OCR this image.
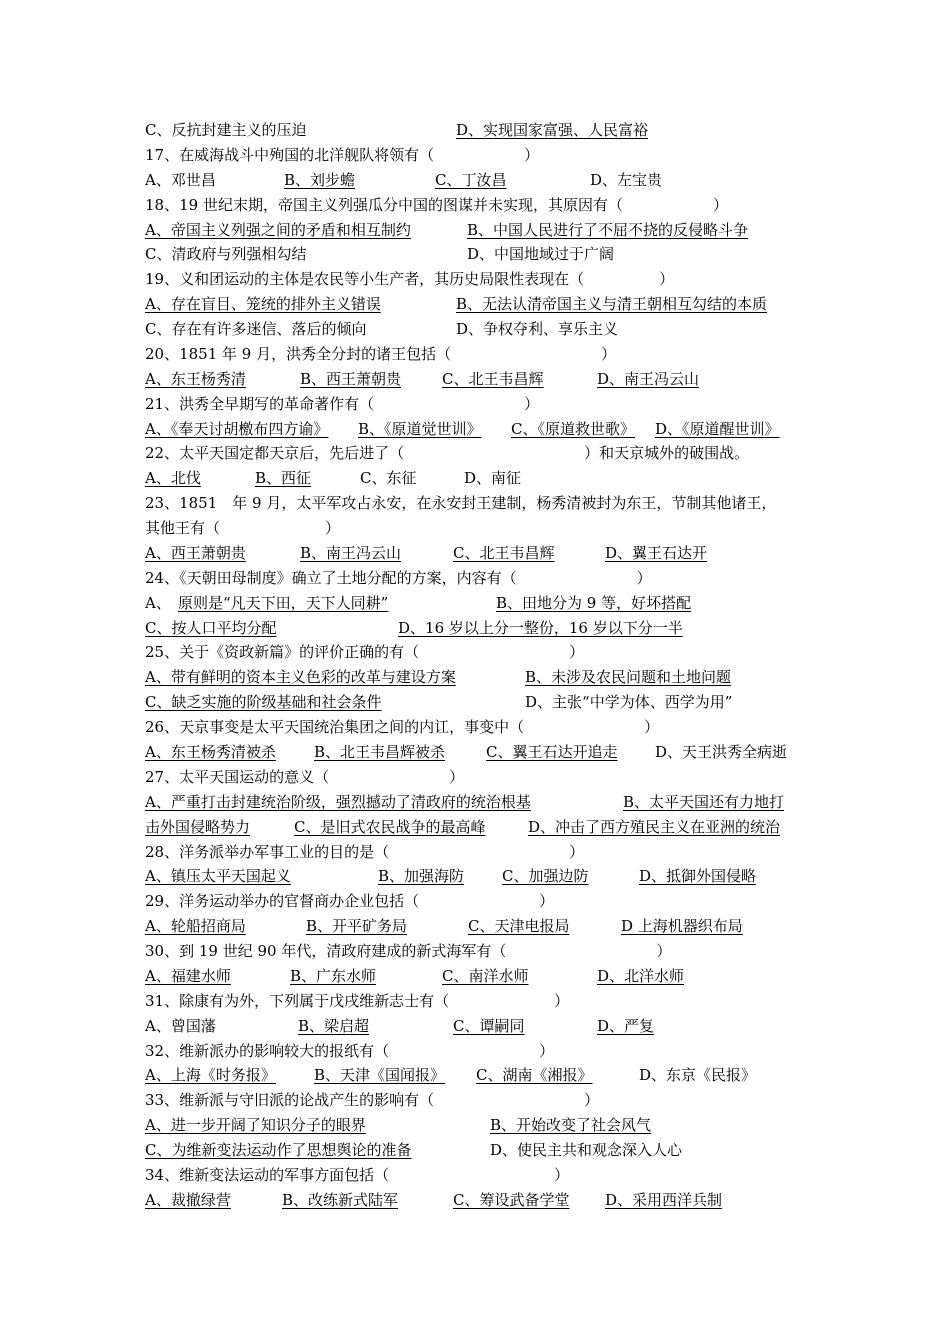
C、反抗封建主义的压迫	D、实现国家富强、人民富裕
17、在威海战斗中殉国的北洋舰队将领有（　　　　　　）
A、邓世昌	B、刘步蟾	C、丁汝昌	D、左宝贵
18、19 世纪末期，帝国主义列强瓜分中国的图谋并未实现，其原因有（　　　　　　）
A、帝国主义列强之间的矛盾和相互制约	B、中国人民进行了不屈不挠的反侵略斗争
C、清政府与列强相勾结	D、中国地域过于广阔
19、义和团运动的主体是农民等小生产者，其历史局限性表现在（　　　　　）
A、存在盲目、笼统的排外主义错误	B、无法认清帝国主义与清王朝相互勾结的本质
C、存在有许多迷信、落后的倾向	D、争权夺利、享乐主义
20、1851 年 9 月，洪秀全分封的诸王包括（　　　　　　　　　　）
A、东王杨秀清	B、西王萧朝贵	C、北王韦昌辉	D、南王冯云山
21、洪秀全早期写的革命著作有（　　　　　　　　　　）
A、《奉天讨胡檄布四方谕》 B、《原道觉世训》 C、《原道救世歌》 D、《原道醒世训》
22、太平天国定都天京后，先后进了（　　　　　　　　　　　　）和天京城外的破围战。
A、北伐	B、西征	C、东征	D、南征
23、1851　年 9 月，太平军攻占永安，在永安封王建制，杨秀清被封为东王，节制其他诸王，
其他王有（　　　　　　　）
A、西王萧朝贵	B、南王冯云山	C、北王韦昌辉	D、翼王石达开
24、《天朝田母制度》确立了土地分配的方案，内容有（　　　　　　　　）
A、 原则是“凡天下田，天下人同耕”	B、田地分为 9 等，好坏搭配
C、按人口平均分配	D、16 岁以上分一整份，16 岁以下分一半
25、关于《资政新篇》的评价正确的有（　　　　　　　　　　）
A、带有鲜明的资本主义色彩的改革与建设方案	B、未涉及农民问题和土地问题
C、缺乏实施的阶级基础和社会条件	D、主张“中学为体、西学为用”
26、天京事变是太平天国统治集团之间的内讧，事变中（　　　　　　　　）
A、东王杨秀清被杀	B、北王韦昌辉被杀	C、翼王石达开追走	D、天王洪秀全病逝
27、太平天国运动的意义（　　　　　　　　）
A、严重打击封建统治阶级，强烈撼动了清政府的统治根基	B、太平天国还有力地打
击外国侵略势力	C、是旧式农民战争的最高峰	D、冲击了西方殖民主义在亚洲的统治
28、洋务派举办军事工业的目的是（　　　　　　　　　　　　）
A、镇压太平天国起义	B、加强海防	C、加强边防	D、抵御外国侵略
29、洋务运动举办的官督商办企业包括（　　　　　　　　）
A、轮船招商局	B、开平矿务局	C、天津电报局	D 上海机器织布局
30、到 19 世纪 90 年代，清政府建成的新式海军有（　　　　　　　　　　）
A、福建水师	B、广东水师	C、南洋水师	D、北洋水师
31、除康有为外，下列属于戊戌维新志士有（　　　　　　　）
A、曾国藩	B、梁启超	C、谭嗣同	D、严复
32、维新派办的影响较大的报纸有（　　　　　　　　　　）
A、上海《时务报》	B、天津《国闻报》 C、湖南《湘报》	D、东京《民报》
33、维新派与守旧派的论战产生的影响有（　　　　　　　　　　）
A、进一步开阔了知识分子的眼界	B、开始改变了社会风气
C、为维新变法运动作了思想舆论的准备	D、使民主共和观念深入人心
34、维新变法运动的军事方面包括（　　　　　　　　　　　）
A、裁撤绿营	B、改练新式陆军	C、筹设武备学堂 D、采用西洋兵制
